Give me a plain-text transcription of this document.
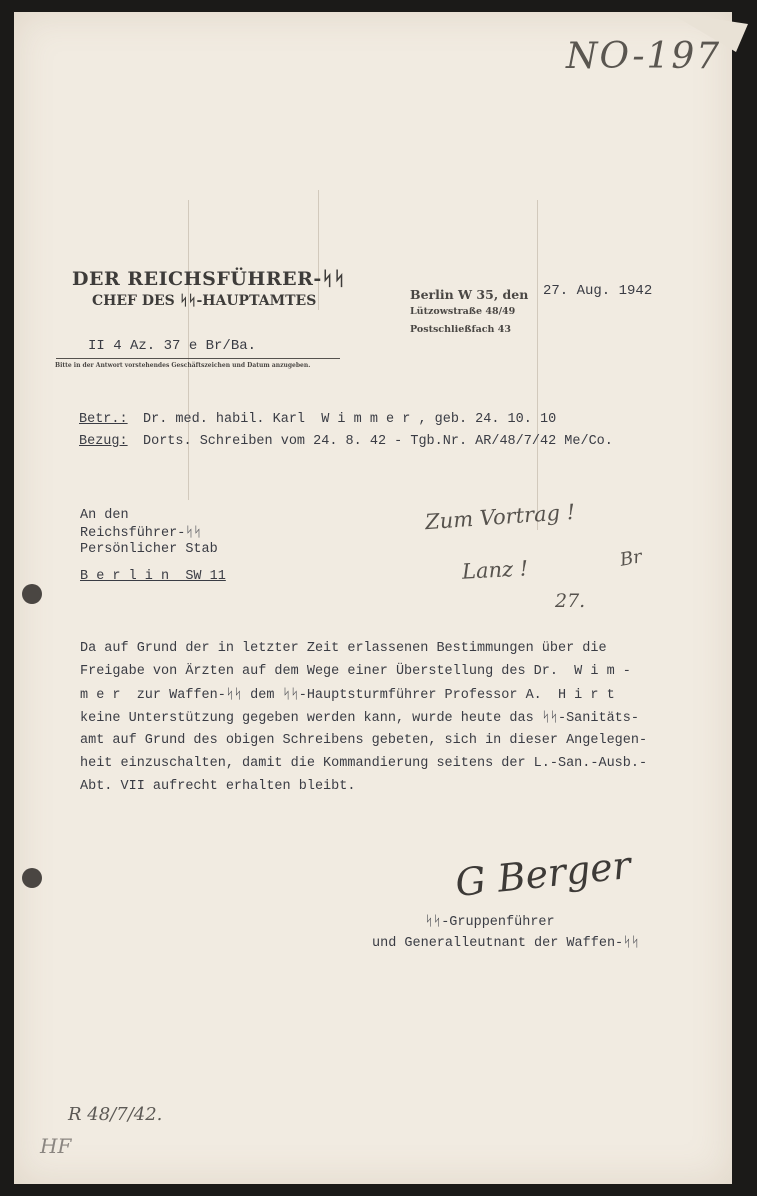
NO-197
DER REICHSFÜHRER-ᛋᛋ
CHEF DES ᛋᛋ-HAUPTAMTES	Berlin W 35, den 27. Aug. 1942
Lützowstraße 48/49
Postschließfach 43
II 4 Az. 37 e Br/Ba.
Bitte in der Antwort vorstehendes Geschäftszeichen und Datum anzugeben.
Betr.: Dr. med. habil. Karl  W i m m e r , geb. 24. 10. 10
Bezug: Dorts. Schreiben vom 24. 8. 42 - Tgb.Nr. AR/48/7/42 Me/Co.
An den
Reichsführer-ᛋᛋ
Persönlicher Stab
B e r l i n  SW 11
Zum Vortrag !
Lanz !	Br
27.
Da auf Grund der in letzter Zeit erlassenen Bestimmungen über die
Freigabe von Ärzten auf dem Wege einer Überstellung des Dr.  W i m -
m e r  zur Waffen-ᛋᛋ dem ᛋᛋ-Hauptsturmführer Professor A.  H i r t
keine Unterstützung gegeben werden kann, wurde heute das ᛋᛋ-Sanitäts-
amt auf Grund des obigen Schreibens gebeten, sich in dieser Angelegen-
heit einzuschalten, damit die Kommandierung seitens der L.-San.-Ausb.-
Abt. VII aufrecht erhalten bleibt.
G Berger
ᛋᛋ-Gruppenführer
und Generalleutnant der Waffen-ᛋᛋ
R 48/7/42.
HF
